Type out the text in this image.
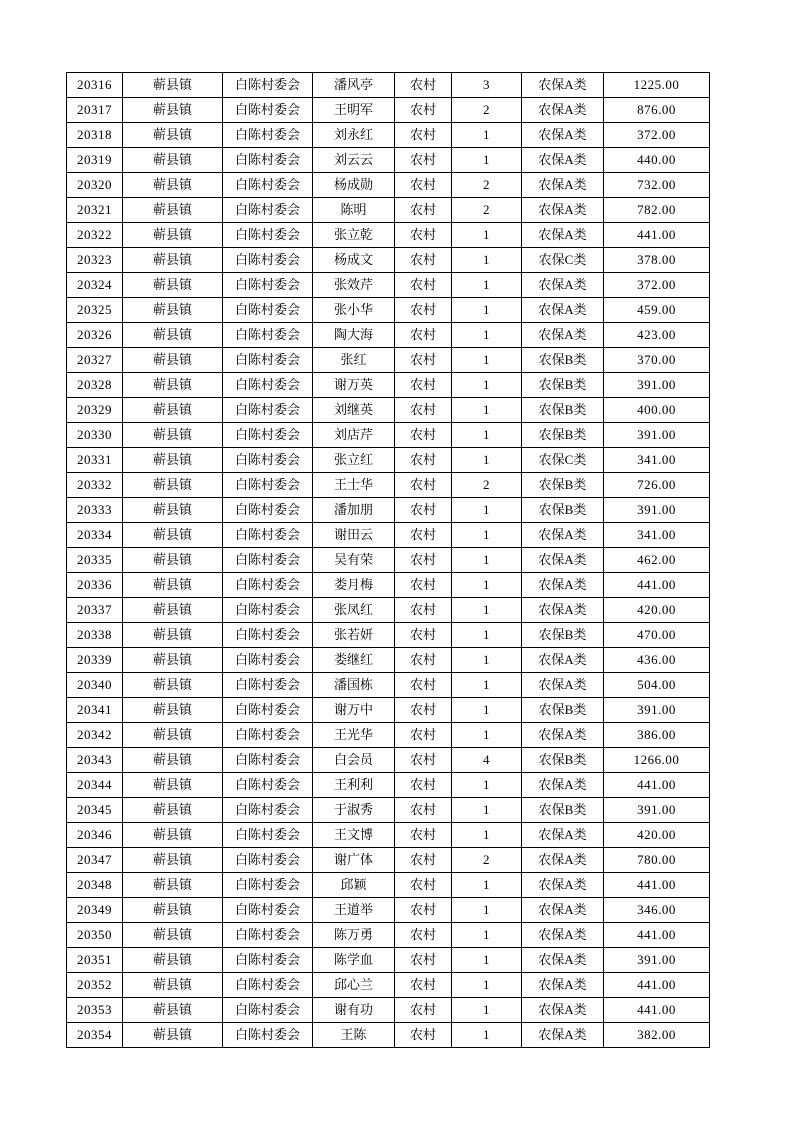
20316	蕲县镇	白陈村委会	潘风亭	农村	3	农保A类	1225.00
20317	蕲县镇	白陈村委会	王明军	农村	2	农保A类	876.00
20318	蕲县镇	白陈村委会	刘永红	农村	1	农保A类	372.00
20319	蕲县镇	白陈村委会	刘云云	农村	1	农保A类	440.00
20320	蕲县镇	白陈村委会	杨成勋	农村	2	农保A类	732.00
20321	蕲县镇	白陈村委会	陈明	农村	2	农保A类	782.00
20322	蕲县镇	白陈村委会	张立乾	农村	1	农保A类	441.00
20323	蕲县镇	白陈村委会	杨成文	农村	1	农保C类	378.00
20324	蕲县镇	白陈村委会	张效芹	农村	1	农保A类	372.00
20325	蕲县镇	白陈村委会	张小华	农村	1	农保A类	459.00
20326	蕲县镇	白陈村委会	陶大海	农村	1	农保A类	423.00
20327	蕲县镇	白陈村委会	张红	农村	1	农保B类	370.00
20328	蕲县镇	白陈村委会	谢万英	农村	1	农保B类	391.00
20329	蕲县镇	白陈村委会	刘继英	农村	1	农保B类	400.00
20330	蕲县镇	白陈村委会	刘店芹	农村	1	农保B类	391.00
20331	蕲县镇	白陈村委会	张立红	农村	1	农保C类	341.00
20332	蕲县镇	白陈村委会	王士华	农村	2	农保B类	726.00
20333	蕲县镇	白陈村委会	潘加朋	农村	1	农保B类	391.00
20334	蕲县镇	白陈村委会	谢田云	农村	1	农保A类	341.00
20335	蕲县镇	白陈村委会	吴有荣	农村	1	农保A类	462.00
20336	蕲县镇	白陈村委会	娄月梅	农村	1	农保A类	441.00
20337	蕲县镇	白陈村委会	张凤红	农村	1	农保A类	420.00
20338	蕲县镇	白陈村委会	张若妍	农村	1	农保B类	470.00
20339	蕲县镇	白陈村委会	娄继红	农村	1	农保A类	436.00
20340	蕲县镇	白陈村委会	潘国栋	农村	1	农保A类	504.00
20341	蕲县镇	白陈村委会	谢万中	农村	1	农保B类	391.00
20342	蕲县镇	白陈村委会	王光华	农村	1	农保A类	386.00
20343	蕲县镇	白陈村委会	白会员	农村	4	农保B类	1266.00
20344	蕲县镇	白陈村委会	王利利	农村	1	农保A类	441.00
20345	蕲县镇	白陈村委会	于淑秀	农村	1	农保B类	391.00
20346	蕲县镇	白陈村委会	王文博	农村	1	农保A类	420.00
20347	蕲县镇	白陈村委会	谢广体	农村	2	农保A类	780.00
20348	蕲县镇	白陈村委会	邱颖	农村	1	农保A类	441.00
20349	蕲县镇	白陈村委会	王道举	农村	1	农保A类	346.00
20350	蕲县镇	白陈村委会	陈万勇	农村	1	农保A类	441.00
20351	蕲县镇	白陈村委会	陈学血	农村	1	农保A类	391.00
20352	蕲县镇	白陈村委会	邱心兰	农村	1	农保A类	441.00
20353	蕲县镇	白陈村委会	谢有功	农村	1	农保A类	441.00
20354	蕲县镇	白陈村委会	王陈	农村	1	农保A类	382.00
